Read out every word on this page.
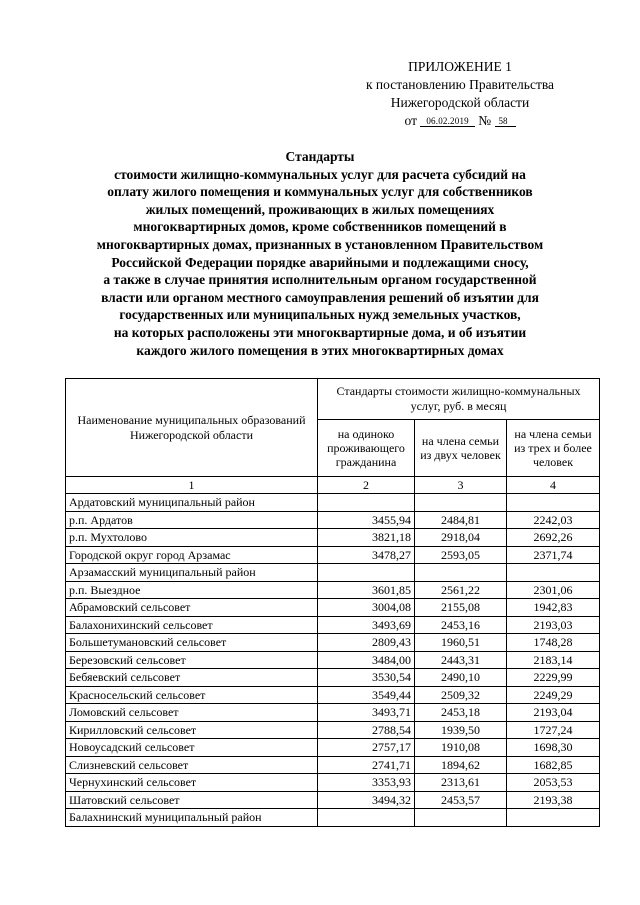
ПРИЛОЖЕНИЕ 1
к постановлению Правительства
Нижегородской области
от 06.02.2019 № 58
Стандарты
стоимости жилищно-коммунальных услуг для расчета субсидий на
оплату жилого помещения и коммунальных услуг для собственников
жилых помещений, проживающих в жилых помещениях
многоквартирных домов, кроме собственников помещений в
многоквартирных домах, признанных в установленном Правительством
Российской Федерации порядке аварийными и подлежащими сносу,
а также в случае принятия исполнительным органом государственной
власти или органом местного самоуправления решений об изъятии для
государственных или муниципальных нужд земельных участков,
на которых расположены эти многоквартирные дома, и об изъятии
каждого жилого помещения в этих многоквартирных домах
Наименование муниципальных образований Нижегородской области	Стандарты стоимости жилищно-коммунальных услуг, руб. в месяц		
	на одиноко проживающего гражданина	на члена семьи из двух человек	на члена семьи из трех и более человек
1	2	3	4
Ардатовский муниципальный район			
р.п. Ардатов	3455,94	2484,81	2242,03
р.п. Мухтолово	3821,18	2918,04	2692,26
Городской округ город Арзамас	3478,27	2593,05	2371,74
Арзамасский муниципальный район			
р.п. Выездное	3601,85	2561,22	2301,06
Абрамовский сельсовет	3004,08	2155,08	1942,83
Балахонихинский сельсовет	3493,69	2453,16	2193,03
Большетумановский сельсовет	2809,43	1960,51	1748,28
Березовский сельсовет	3484,00	2443,31	2183,14
Бебяевский сельсовет	3530,54	2490,10	2229,99
Красносельский сельсовет	3549,44	2509,32	2249,29
Ломовский сельсовет	3493,71	2453,18	2193,04
Кирилловский сельсовет	2788,54	1939,50	1727,24
Новоусадский сельсовет	2757,17	1910,08	1698,30
Слизневский сельсовет	2741,71	1894,62	1682,85
Чернухинский сельсовет	3353,93	2313,61	2053,53
Шатовский сельсовет	3494,32	2453,57	2193,38
Балахнинский муниципальный район			
